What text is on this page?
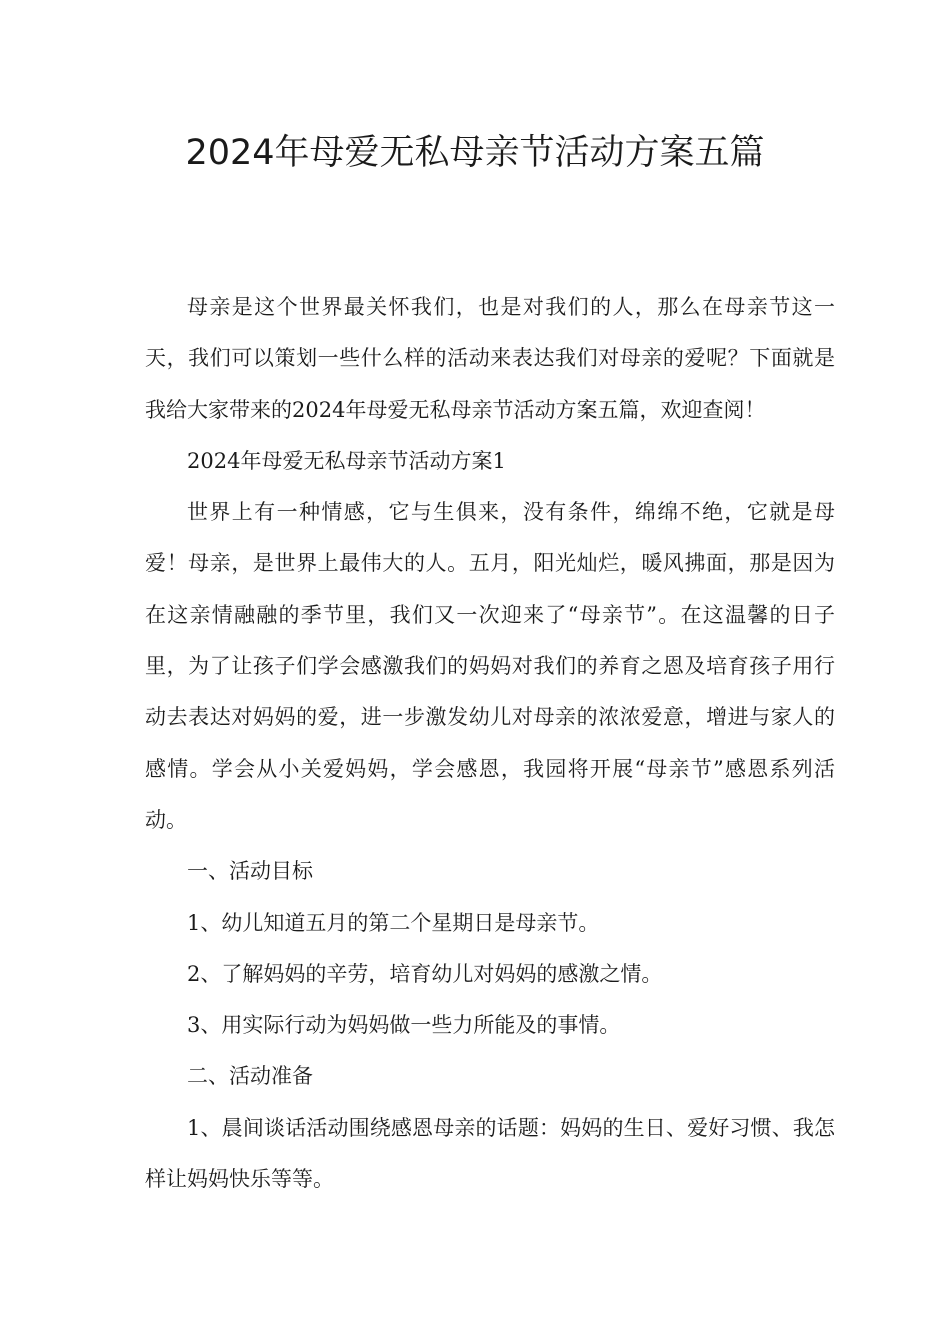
2024年母爱无私母亲节活动方案五篇

母亲是这个世界最关怀我们，也是对我们的人，那么在母亲节这一天，我们可以策划一些什么样的活动来表达我们对母亲的爱呢？下面就是我给大家带来的2024年母爱无私母亲节活动方案五篇，欢迎查阅！

2024年母爱无私母亲节活动方案1

世界上有一种情感，它与生俱来，没有条件，绵绵不绝，它就是母爱！母亲，是世界上最伟大的人。五月，阳光灿烂，暖风拂面，那是因为在这亲情融融的季节里，我们又一次迎来了“母亲节”。在这温馨的日子里，为了让孩子们学会感激我们的妈妈对我们的养育之恩及培育孩子用行动去表达对妈妈的爱，进一步激发幼儿对母亲的浓浓爱意，增进与家人的感情。学会从小关爱妈妈，学会感恩，我园将开展“母亲节”感恩系列活动。

一、活动目标

1、幼儿知道五月的第二个星期日是母亲节。

2、了解妈妈的辛劳，培育幼儿对妈妈的感激之情。

3、用实际行动为妈妈做一些力所能及的事情。

二、活动准备

1、晨间谈话活动围绕感恩母亲的话题：妈妈的生日、爱好习惯、我怎样让妈妈快乐等等。
